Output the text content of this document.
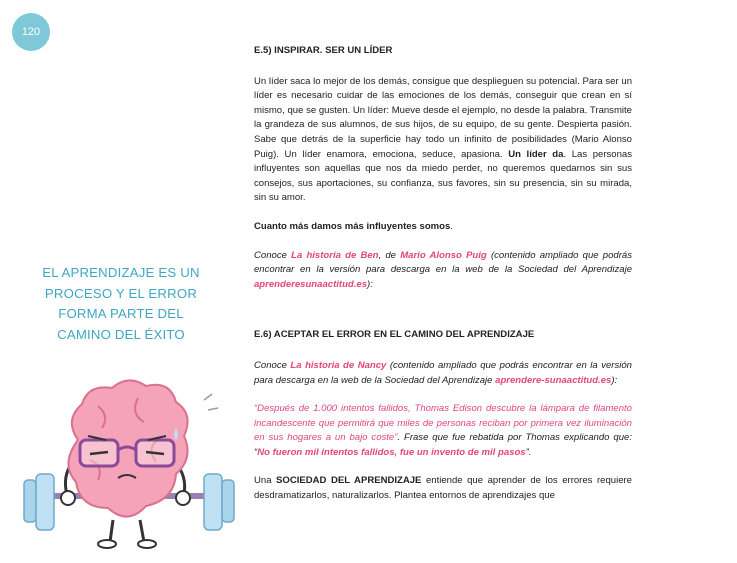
120
EL APRENDIZAJE ES UN
PROCESO Y EL ERROR
FORMA PARTE DEL
CAMINO DEL ÉXITO
E.5) INSPIRAR. SER UN LÍDER

Un líder saca lo mejor de los demás, consigue que desplieguen su potencial. Para ser un líder es necesario cuidar de las emociones de los demás, conseguir que crean en sí mismo, que se gusten. Un líder: Mueve desde el ejemplo, no desde la palabra. Transmite la grandeza de sus alumnos, de sus hijos, de su equipo, de su gente. Despierta pasión. Sabe que detrás de la superficie hay todo un infinito de posibilidades (Mario Alonso Puig). Un líder enamora, emociona, seduce, apasiona. Un líder da. Las personas influyentes son aquellas que nos da miedo perder, no queremos quedarnos sin sus consejos, sus aportaciones, su confianza, sus favores, sin su presencia, sin su mirada, sin su amor.

Cuanto más damos más influyentes somos.

Conoce La historia de Ben, de Mario Alonso Puig (contenido ampliado que podrás encontrar en la versión para descarga en la web de la Sociedad del Aprendizaje aprenderesunaactitud.es):

E.6) ACEPTAR EL ERROR EN EL CAMINO DEL APRENDIZAJE

Conoce La historia de Nancy (contenido ampliado que podrás encontrar en la versión para descarga en la web de la Sociedad del Aprendizaje aprendere-sunaactitud.es):

“Después de 1.000 intentos fallidos, Thomas Edison descubre la lámpara de filamento incandescente que permitirá que miles de personas reciban por primera vez iluminación en sus hogares a un bajo coste”. Frase que fue rebatida por Thomas explicando que: “No fueron mil intentos fallidos, fue un invento de mil pasos”.

Una SOCIEDAD DEL APRENDIZAJE entiende que aprender de los errores requiere desdramatizarlos, naturalizarlos. Plantea entornos de aprendizajes que
